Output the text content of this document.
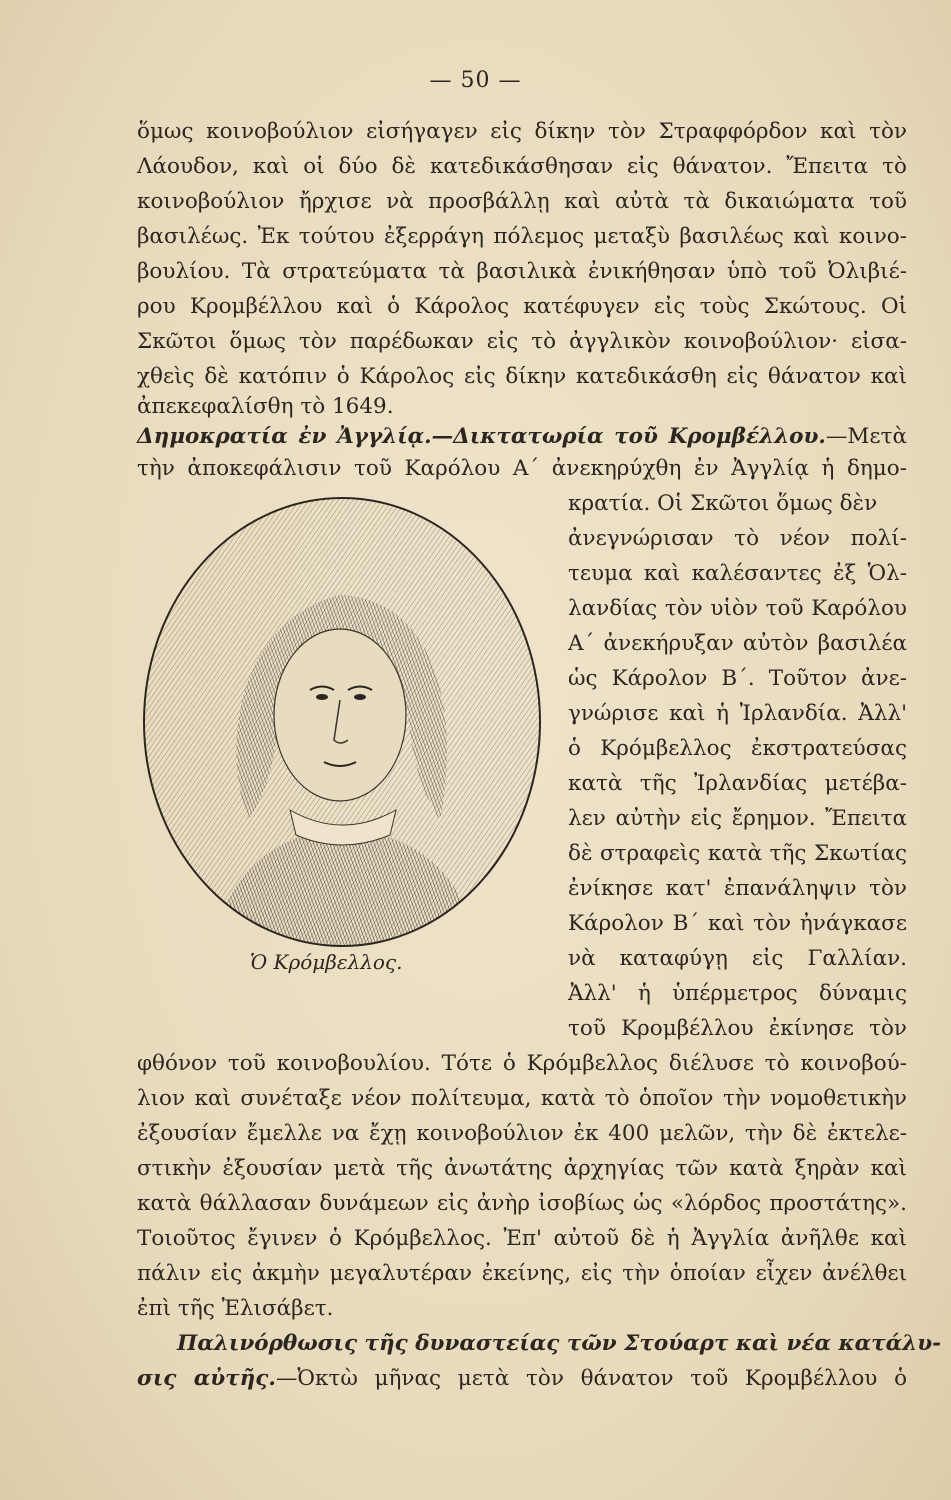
— 50 —
ὅμως κοινοβούλιον εἰσήγαγεν εἰς δίκην τὸν Στραφφόρδον καὶ τὸν
Λάουδον, καὶ οἱ δύο δὲ κατεδικάσθησαν εἰς θάνατον. Ἔπειτα τὸ
κοινοβούλιον ἤρχισε νὰ προσβάλλῃ καὶ αὐτὰ τὰ δικαιώματα τοῦ
βασιλέως. Ἐκ τούτου ἐξερράγη πόλεμος μεταξὺ βασιλέως καὶ κοινο-
βουλίου. Τὰ στρατεύματα τὰ βασιλικὰ ἐνικήθησαν ὑπὸ τοῦ Ὀλιβιέ-
ρου Κρομβέλλου καὶ ὁ Κάρολος κατέφυγεν εἰς τοὺς Σκώτους. Οἱ
Σκῶτοι ὅμως τὸν παρέδωκαν εἰς τὸ ἀγγλικὸν κοινοβούλιον· εἰσα-
χθεὶς δὲ κατόπιν ὁ Κάρολος εἰς δίκην κατεδικάσθη εἰς θάνατον καὶ
ἀπεκεφαλίσθη τὸ 1649.
Δημοκρατία ἐν Ἀγγλίᾳ.—Δικτατωρία τοῦ Κρομβέλλου.—Μετὰ
τὴν ἀποκεφάλισιν τοῦ Καρόλου Α΄ ἀνεκηρύχθη ἐν Ἀγγλίᾳ ἡ δημο-
κρατία. Οἱ Σκῶτοι ὅμως δὲν
ἀνεγνώρισαν τὸ νέον πολί-
τευμα καὶ καλέσαντες ἐξ Ὁλ-
λανδίας τὸν υἱὸν τοῦ Καρόλου
Α΄ ἀνεκήρυξαν αὐτὸν βασιλέα
ὡς Κάρολον Β΄. Τοῦτον ἀνε-
γνώρισε καὶ ἡ Ἰρλανδία. Ἀλλ'
ὁ Κρόμβελλος ἐκστρατεύσας
κατὰ τῆς Ἰρλανδίας μετέβα-
λεν αὐτὴν εἰς ἔρημον. Ἔπειτα
δὲ στραφεὶς κατὰ τῆς Σκωτίας
ἐνίκησε κατ' ἐπανάληψιν τὸν
Κάρολον Β΄ καὶ τὸν ἠνάγκασε
νὰ καταφύγῃ εἰς Γαλλίαν.
Ἀλλ' ἡ ὑπέρμετρος δύναμις
τοῦ Κρομβέλλου ἐκίνησε τὸν
Ὁ Κρόμβελλος.
φθόνον τοῦ κοινοβουλίου. Τότε ὁ Κρόμβελλος διέλυσε τὸ κοινοβού-
λιον καὶ συνέταξε νέον πολίτευμα, κατὰ τὸ ὁποῖον τὴν νομοθετικὴν
ἐξουσίαν ἔμελλε να ἔχῃ κοινοβούλιον ἐκ 400 μελῶν, τὴν δὲ ἐκτελε-
στικὴν ἐξουσίαν μετὰ τῆς ἀνωτάτης ἀρχηγίας τῶν κατὰ ξηρὰν καὶ
κατὰ θάλλασαν δυνάμεων εἰς ἀνὴρ ἰσοβίως ὡς «λόρδος προστάτης».
Τοιοῦτος ἔγινεν ὁ Κρόμβελλος. Ἐπ' αὐτοῦ δὲ ἡ Ἀγγλία ἀνῆλθε καὶ
πάλιν εἰς ἀκμὴν μεγαλυτέραν ἐκείνης, εἰς τὴν ὁποίαν εἶχεν ἀνέλθει
ἐπὶ τῆς Ἐλισάβετ.
Παλινόρθωσις τῆς δυναστείας τῶν Στούαρτ καὶ νέα κατάλυ-
σις αὐτῆς.—Ὀκτὼ μῆνας μετὰ τὸν θάνατον τοῦ Κρομβέλλου ὁ
